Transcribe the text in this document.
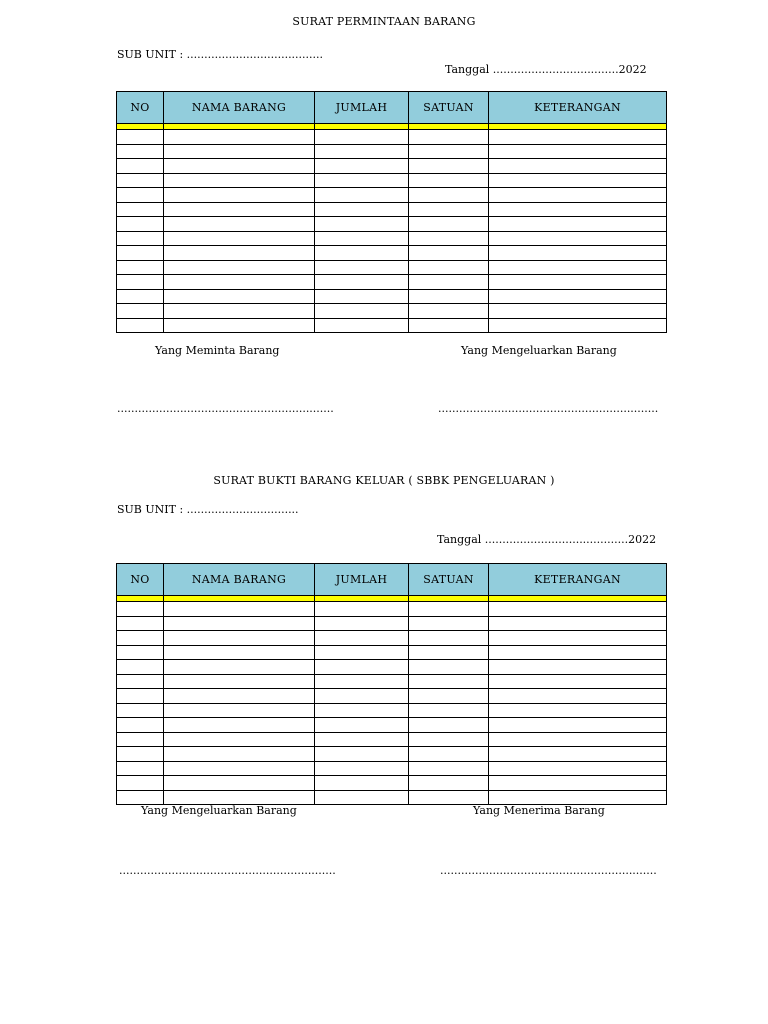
SURAT PERMINTAAN BARANG
SUB UNIT : .......................................
Tanggal ....................................2022
NO	NAMA BARANG	JUMLAH	SATUAN	KETERANGAN

Yang Meminta Barang	Yang Mengeluarkan Barang
..............................................................	...............................................................
SURAT BUKTI BARANG KELUAR ( SBBK PENGELUARAN )
SUB UNIT : ................................
Tanggal .........................................2022
NO	NAMA BARANG	JUMLAH	SATUAN	KETERANGAN

Yang Mengeluarkan Barang	Yang Menerima Barang
..............................................................	..............................................................
